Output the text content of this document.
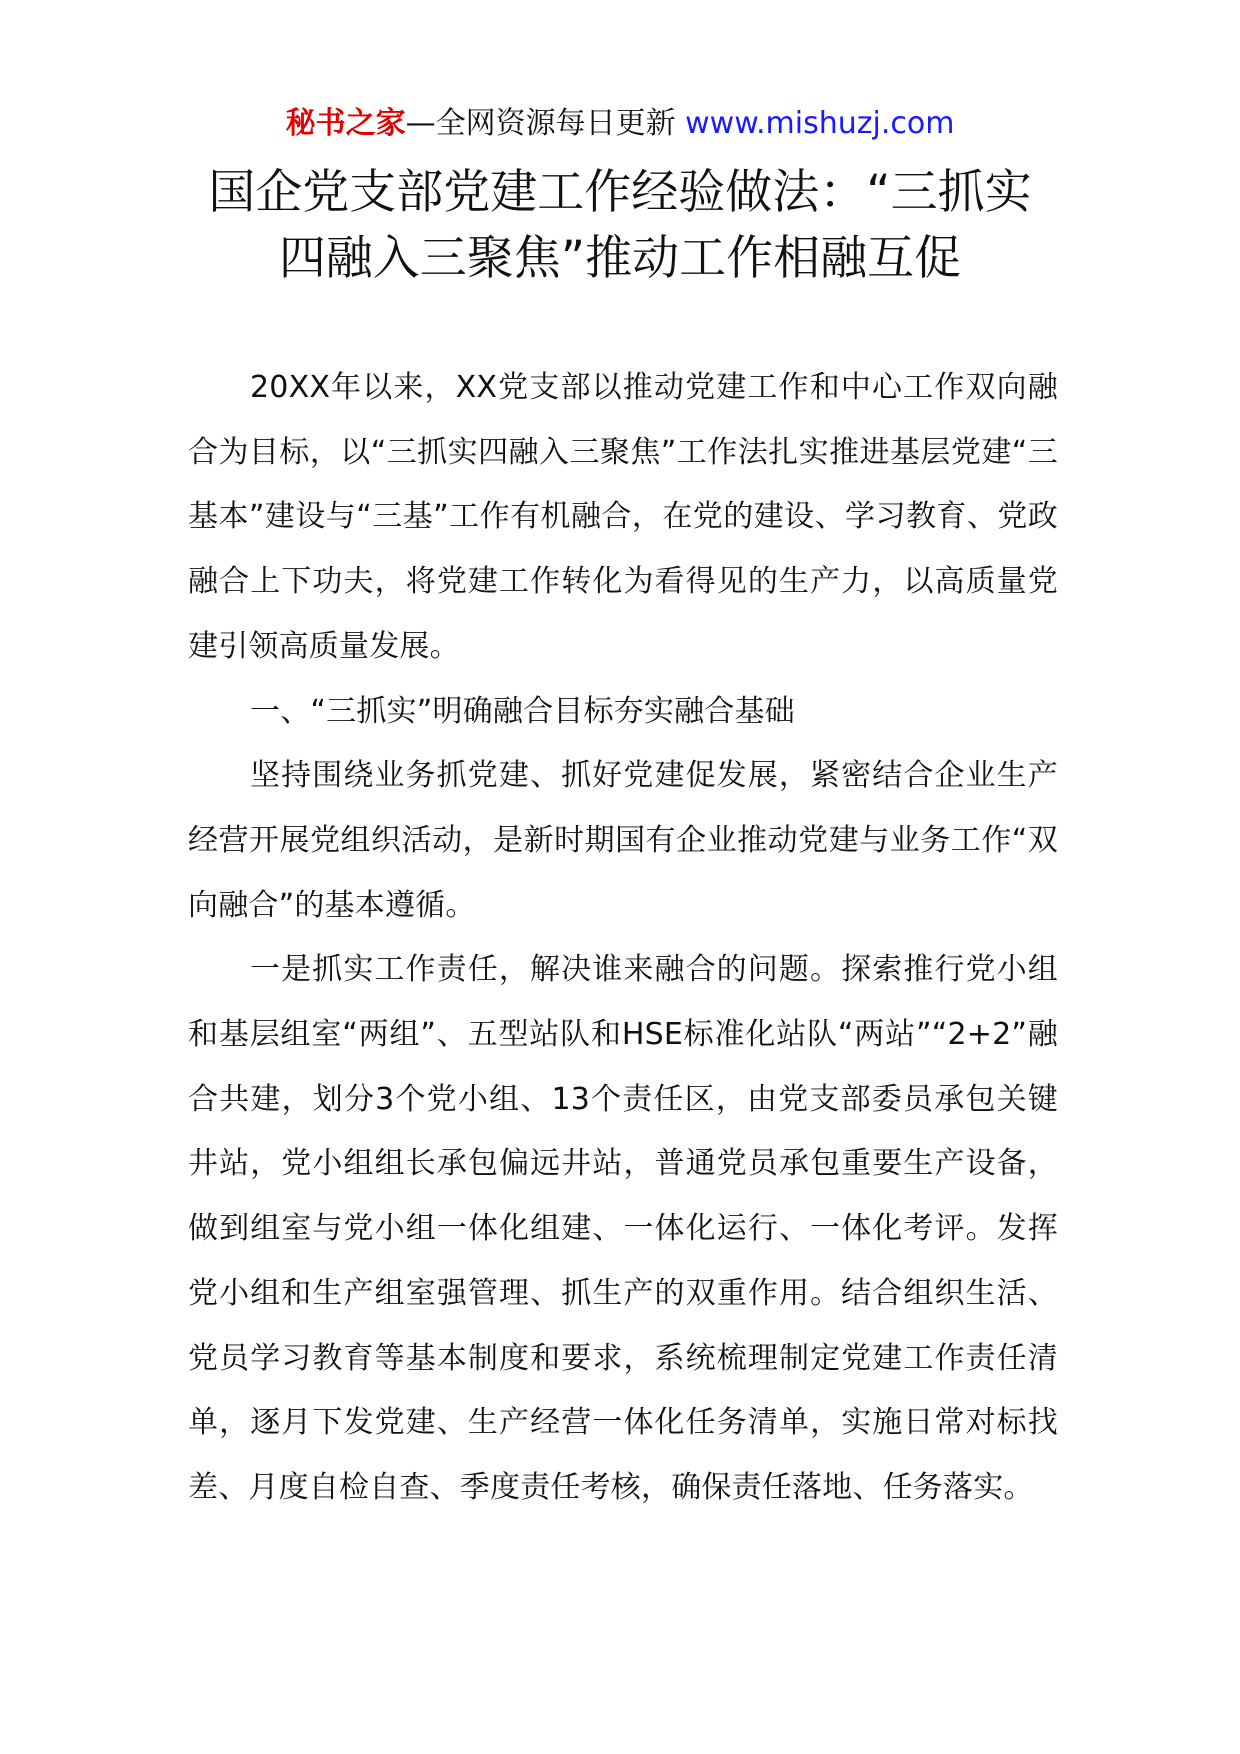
秘书之家—全网资源每日更新 www.mishuzj.com
国企党支部党建工作经验做法：“三抓实
四融入三聚焦”推动工作相融互促

20XX年以来，XX党支部以推动党建工作和中心工作双向融合为目标，以“三抓实四融入三聚焦”工作法扎实推进基层党建“三基本”建设与“三基”工作有机融合，在党的建设、学习教育、党政融合上下功夫，将党建工作转化为看得见的生产力，以高质量党建引领高质量发展。

一、“三抓实”明确融合目标夯实融合基础

坚持围绕业务抓党建、抓好党建促发展，紧密结合企业生产经营开展党组织活动，是新时期国有企业推动党建与业务工作“双向融合”的基本遵循。

一是抓实工作责任，解决谁来融合的问题。探索推行党小组和基层组室“两组”、五型站队和HSE标准化站队“两站”“2+2”融合共建，划分3个党小组、13个责任区，由党支部委员承包关键井站，党小组组长承包偏远井站，普通党员承包重要生产设备，做到组室与党小组一体化组建、一体化运行、一体化考评。发挥党小组和生产组室强管理、抓生产的双重作用。结合组织生活、党员学习教育等基本制度和要求，系统梳理制定党建工作责任清单，逐月下发党建、生产经营一体化任务清单，实施日常对标找差、月度自检自查、季度责任考核，确保责任落地、任务落实。
